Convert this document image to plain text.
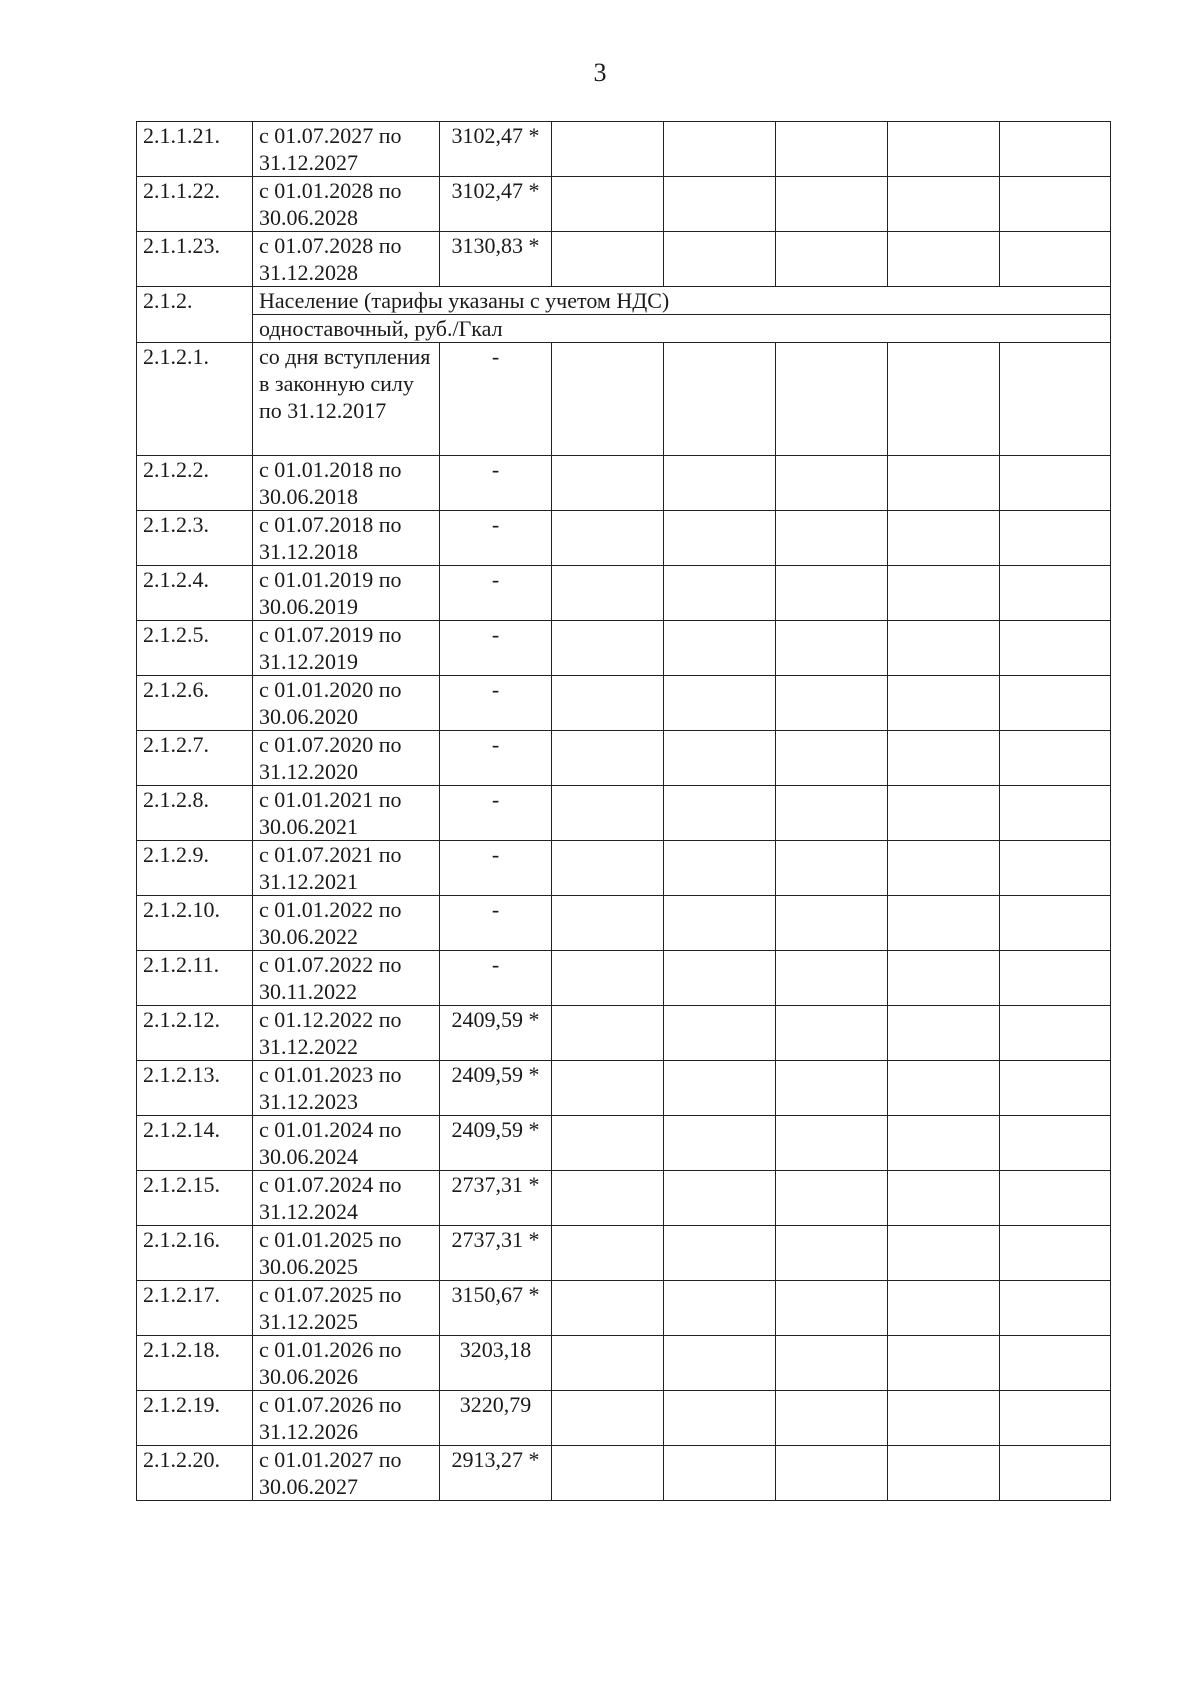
3
2.1.1.21.	с 01.07.2027 по 31.12.2027	3102,47 *					
2.1.1.22.	с 01.01.2028 по 30.06.2028	3102,47 *					
2.1.1.23.	с 01.07.2028 по 31.12.2028	3130,83 *					
2.1.2.	Население (тарифы указаны с учетом НДС)						
	одноставочный, руб./Гкал						
2.1.2.1.	со дня вступления в законную силу по 31.12.2017	-					
2.1.2.2.	с 01.01.2018 по 30.06.2018	-					
2.1.2.3.	с 01.07.2018 по 31.12.2018	-					
2.1.2.4.	с 01.01.2019 по 30.06.2019	-					
2.1.2.5.	с 01.07.2019 по 31.12.2019	-					
2.1.2.6.	с 01.01.2020 по 30.06.2020	-					
2.1.2.7.	с 01.07.2020 по 31.12.2020	-					
2.1.2.8.	с 01.01.2021 по 30.06.2021	-					
2.1.2.9.	с 01.07.2021 по 31.12.2021	-					
2.1.2.10.	с 01.01.2022 по 30.06.2022	-					
2.1.2.11.	с 01.07.2022 по 30.11.2022	-					
2.1.2.12.	с 01.12.2022 по 31.12.2022	2409,59 *					
2.1.2.13.	с 01.01.2023 по 31.12.2023	2409,59 *					
2.1.2.14.	с 01.01.2024 по 30.06.2024	2409,59 *					
2.1.2.15.	с 01.07.2024 по 31.12.2024	2737,31 *					
2.1.2.16.	с 01.01.2025 по 30.06.2025	2737,31 *					
2.1.2.17.	с 01.07.2025 по 31.12.2025	3150,67 *					
2.1.2.18.	с 01.01.2026 по 30.06.2026	3203,18					
2.1.2.19.	с 01.07.2026 по 31.12.2026	3220,79					
2.1.2.20.	с 01.01.2027 по 30.06.2027	2913,27 *					
